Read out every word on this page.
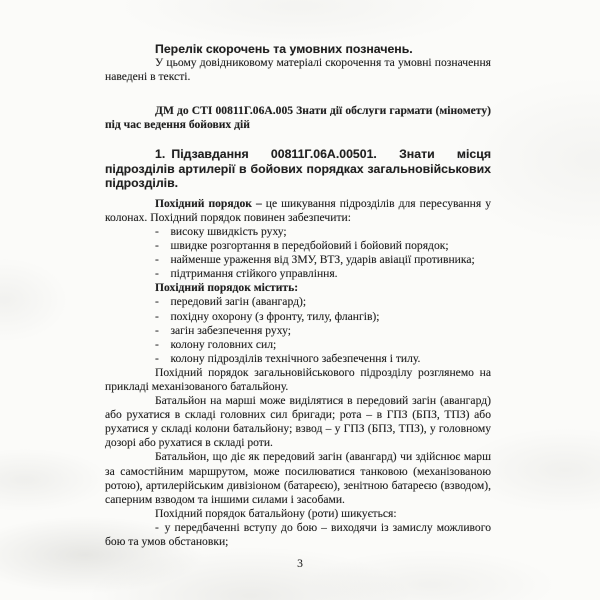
Перелік скорочень та умовних позначень.

У цьому довідниковому матеріалі скорочення та умовні позначення наведені в тексті.

ДМ до СТІ 00811Г.06А.005 Знати дії обслуги гармати (міномету) під час ведення бойових дій

1. Підзавдання 00811Г.06А.00501. Знати місця підрозділів артилерії в бойових порядках загальновійськових підрозділів.

Похідний порядок – це шикування підрозділів для пересування у колонах. Похідний порядок повинен забезпечити:

- високу швидкість руху;

- швидке розгортання в передбойовий і бойовий порядок;

- найменше ураження від ЗМУ, ВТЗ, ударів авіації противника;

- підтримання стійкого управління.

Похідний порядок містить:

- передовий загін (авангард);

- похідну охорону (з фронту, тилу, флангів);

- загін забезпечення руху;

- колону головних сил;

- колону підрозділів технічного забезпечення і тилу.

Похідний порядок загальновійськового підрозділу розглянемо на прикладі механізованого батальйону.

Батальйон на марші може виділятися в передовий загін (авангард) або рухатися в складі головних сил бригади; рота – в ГПЗ (БПЗ, ТПЗ) або рухатися у складі колони батальйону; взвод – у ГПЗ (БПЗ, ТПЗ), у головному дозорі або рухатися в складі роти.

Батальйон, що діє як передовий загін (авангард) чи здійснює марш за самостійним маршрутом, може посилюватися танковою (механізованою ротою), артилерійським дивізіоном (батареєю), зенітною батареєю (взводом), саперним взводом та іншими силами і засобами.

Похідний порядок батальйону (роти) шикується:

- у передбаченні вступу до бою – виходячи із замислу можливого бою та умов обстановки;

3
